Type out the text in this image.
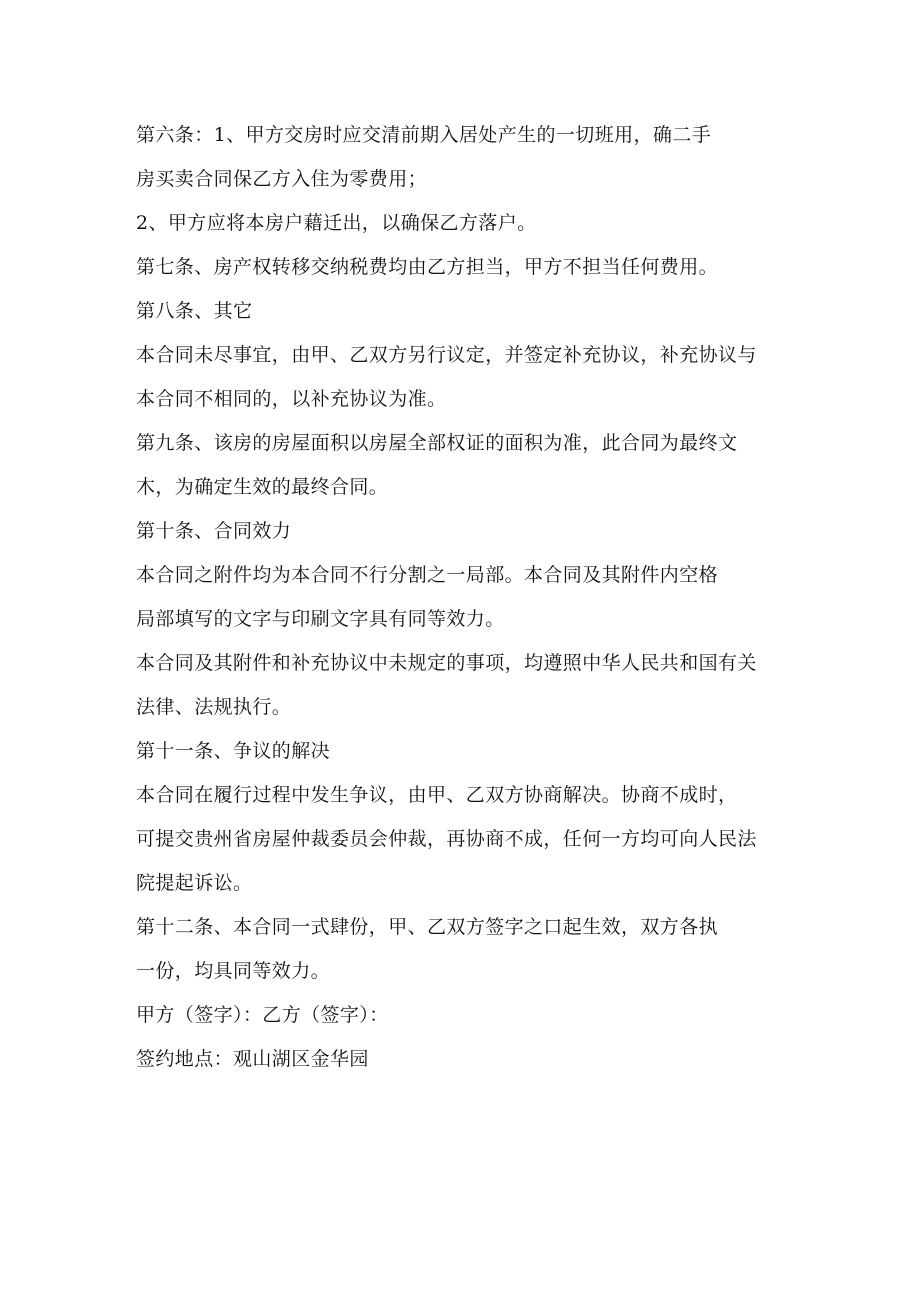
第六条：1、甲方交房时应交清前期入居处产生的一切班用，确二手
房买卖合同保乙方入住为零费用；
2、甲方应将本房户藉迁出，以确保乙方落户。
第七条、房产权转移交纳税费均由乙方担当，甲方不担当任何费用。
第八条、其它
本合同未尽事宜，由甲、乙双方另行议定，并签定补充协议，补充协议与
本合同不相同的，以补充协议为准。
第九条、该房的房屋面积以房屋全部权证的面积为准，此合同为最终文
木，为确定生效的最终合同。
第十条、合同效力
本合同之附件均为本合同不行分割之一局部。本合同及其附件内空格
局部填写的文字与印刷文字具有同等效力。
本合同及其附件和补充协议中未规定的事项，均遵照中华人民共和国有关
法律、法规执行。
第十一条、争议的解决
本合同在履行过程中发生争议，由甲、乙双方协商解决。协商不成时，
可提交贵州省房屋仲裁委员会仲裁，再协商不成，任何一方均可向人民法
院提起诉讼。
第十二条、本合同一式肆份，甲、乙双方签字之口起生效，双方各执
一份，均具同等效力。
甲方（签字）：乙方（签字）：
签约地点：观山湖区金华园
